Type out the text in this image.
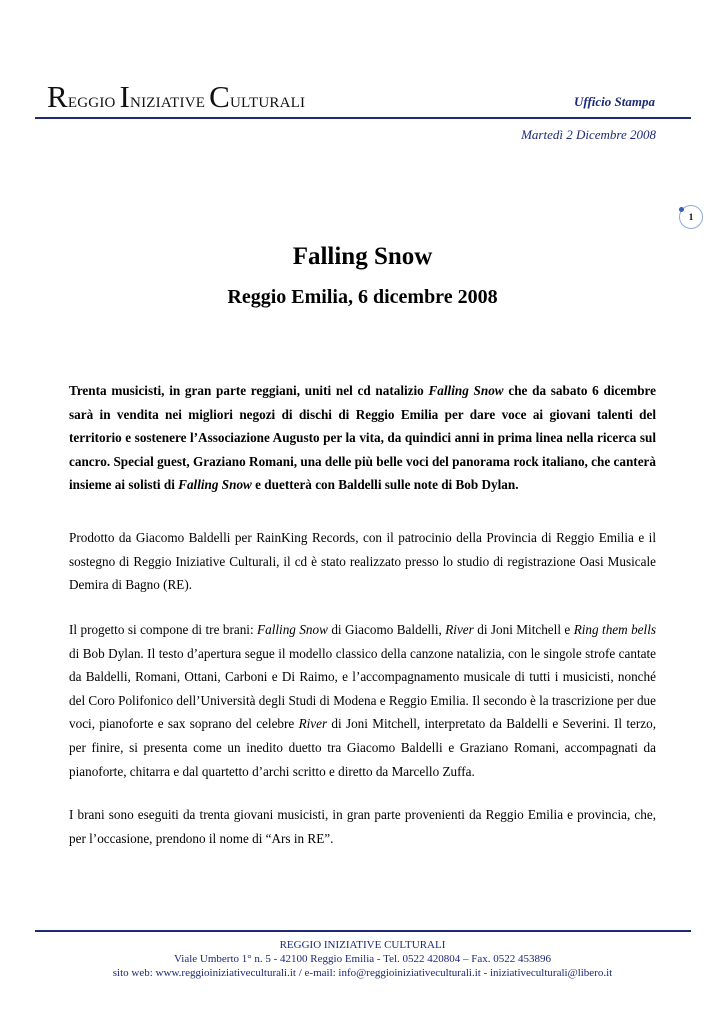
REGGIO INIZIATIVE CULTURALI	Ufficio Stampa
Martedì 2 Dicembre 2008
1
Falling Snow
Reggio Emilia, 6 dicembre 2008
Trenta musicisti, in gran parte reggiani, uniti nel cd natalizio Falling Snow che da sabato 6 dicembre sarà in vendita nei migliori negozi di dischi di Reggio Emilia per dare voce ai giovani talenti del territorio e sostenere l’Associazione Augusto per la vita, da quindici anni in prima linea nella ricerca sul cancro. Special guest, Graziano Romani, una delle più belle voci del panorama rock italiano, che canterà insieme ai solisti di Falling Snow e duetterà con Baldelli sulle note di Bob Dylan.
Prodotto da Giacomo Baldelli per RainKing Records, con il patrocinio della Provincia di Reggio Emilia e il sostegno di Reggio Iniziative Culturali, il cd è stato realizzato presso lo studio di registrazione Oasi Musicale Demira di Bagno (RE).
Il progetto si compone di tre brani: Falling Snow di Giacomo Baldelli, River di Joni Mitchell e Ring them bells di Bob Dylan. Il testo d’apertura segue il modello classico della canzone natalizia, con le singole strofe cantate da Baldelli, Romani, Ottani, Carboni e Di Raimo, e l’accompagnamento musicale di tutti i musicisti, nonché del Coro Polifonico dell’Università degli Studi di Modena e Reggio Emilia. Il secondo è la trascrizione per due voci, pianoforte e sax soprano del celebre River di Joni Mitchell, interpretato da Baldelli e Severini. Il terzo, per finire, si presenta come un inedito duetto tra Giacomo Baldelli e Graziano Romani, accompagnati da pianoforte, chitarra e dal quartetto d’archi scritto e diretto da Marcello Zuffa.
I brani sono eseguiti da trenta giovani musicisti, in gran parte provenienti da Reggio Emilia e provincia, che, per l’occasione, prendono il nome di “Ars in RE”.
REGGIO INIZIATIVE CULTURALI
Viale Umberto 1° n. 5 - 42100 Reggio Emilia - Tel. 0522 420804 – Fax. 0522 453896
sito web: www.reggioiniziativeculturali.it / e-mail: info@reggioiniziativeculturali.it - iniziativeculturali@libero.it
